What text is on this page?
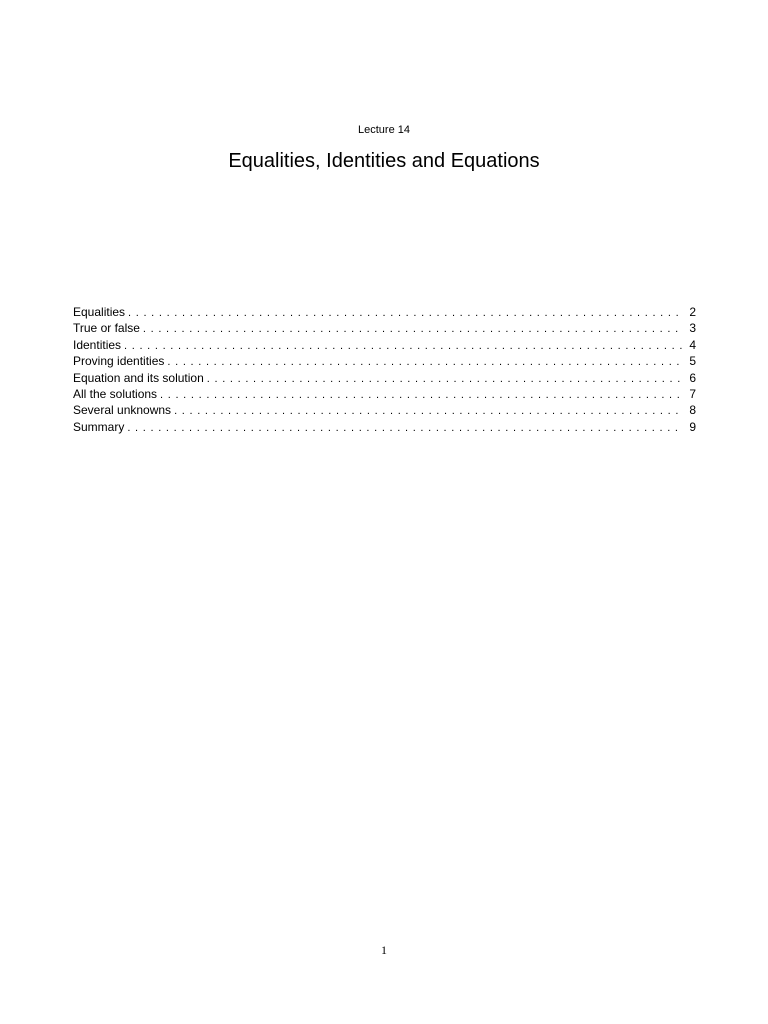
Lecture 14
Equalities, Identities and Equations
Equalities . . .	2
True or false . . .	3
Identities . . .	4
Proving identities . . .	5
Equation and its solution . . .	6
All the solutions . . .	7
Several unknowns . . .	8
Summary . . .	9
1
